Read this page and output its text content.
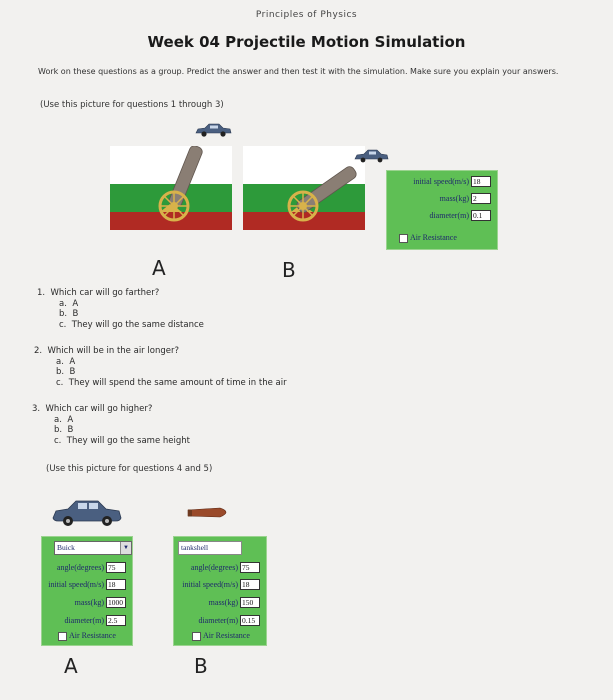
Principles of Physics
Week 04 Projectile Motion Simulation
Work on these questions as a group. Predict the answer and then test it with the simulation. Make sure you explain your answers.
(Use this picture for questions 1 through 3)
A	B
initial speed(m/s) 18
mass(kg) 2
diameter(m) 0.1
Air Resistance
1. Which car will go farther?
a. A
b. B
c. They will go the same distance
2. Which will be in the air longer?
a. A
b. B
c. They will spend the same amount of time in the air
3. Which car will go higher?
a. A
b. B
c. They will go the same height
(Use this picture for questions 4 and 5)
Buick	▼
angle(degrees) 75
initial speed(m/s) 18
mass(kg) 1000
diameter(m) 2.5
Air Resistance
A
tankshell
angle(degrees) 75
initial speed(m/s) 18
mass(kg) 150
diameter(m) 0.15
Air Resistance
B
